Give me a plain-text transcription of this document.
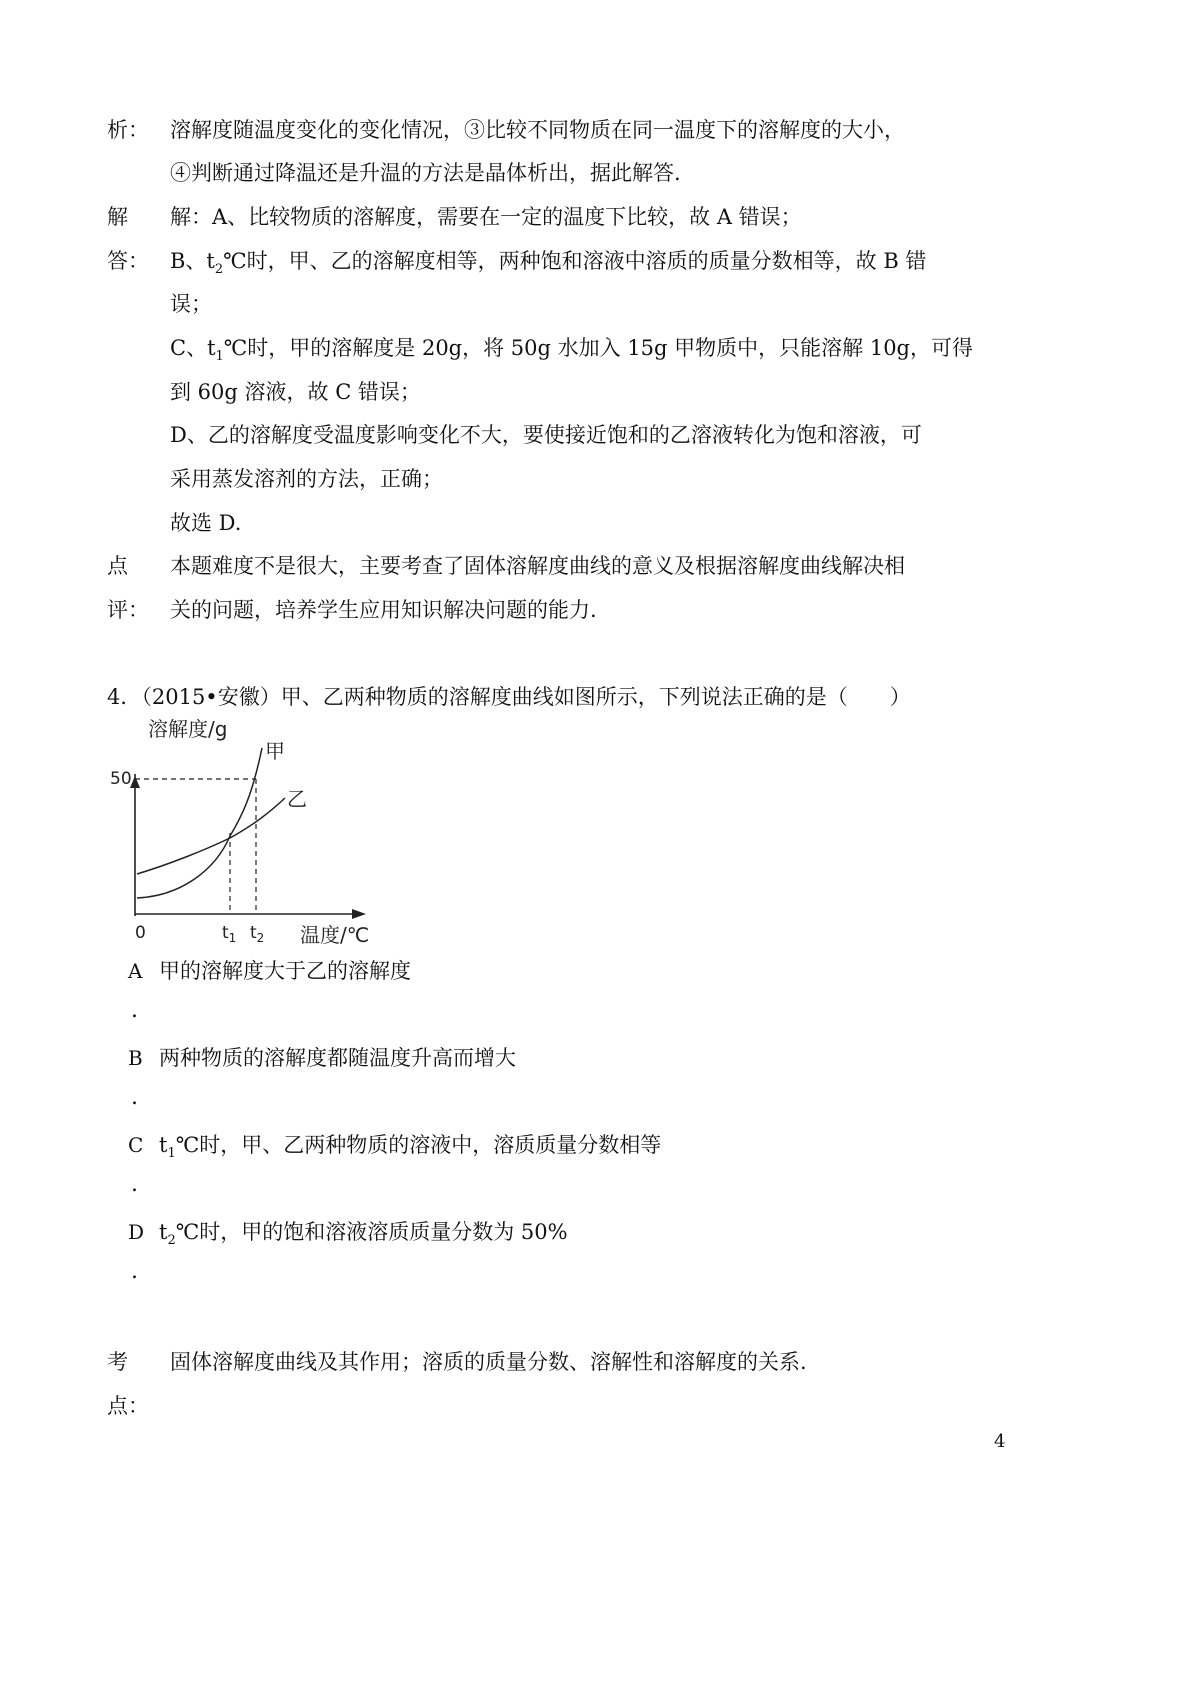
析： 溶解度随温度变化的变化情况，③比较不同物质在同一温度下的溶解度的大小，
④判断通过降温还是升温的方法是晶体析出，据此解答.
解
答：
解：A、比较物质的溶解度，需要在一定的温度下比较，故 A 错误；
B、$t_2℃$时，甲、乙的溶解度相等，两种饱和溶液中溶质的质量分数相等，故 B 错
误；
C、$t_1℃$时，甲的溶解度是 20g，将 50g 水加入 15g 甲物质中，只能溶解 10g，可得
到 60g 溶液，故 C 错误；
D、乙的溶解度受温度影响变化不大，要使接近饱和的乙溶液转化为饱和溶液，可
采用蒸发溶剂的方法，正确；
故选 D.
点
评：
本题难度不是很大，主要考查了固体溶解度曲线的意义及根据溶解度曲线解决相
关的问题，培养学生应用知识解决问题的能力.
4．（2015•安徽）甲、乙两种物质的溶解度曲线如图所示，下列说法正确的是（　　）
溶解度/g
50
0	$t_1$ $t_2$ 温度/℃
甲
乙
A 甲的溶解度大于乙的溶解度
.
B 两种物质的溶解度都随温度升高而增大
.
C $t_1℃$时，甲、乙两种物质的溶液中，溶质质量分数相等
.
D $t_2℃$时，甲的饱和溶液溶质质量分数为 50%
.
考
点：
固体溶解度曲线及其作用；溶质的质量分数、溶解性和溶解度的关系.
4
